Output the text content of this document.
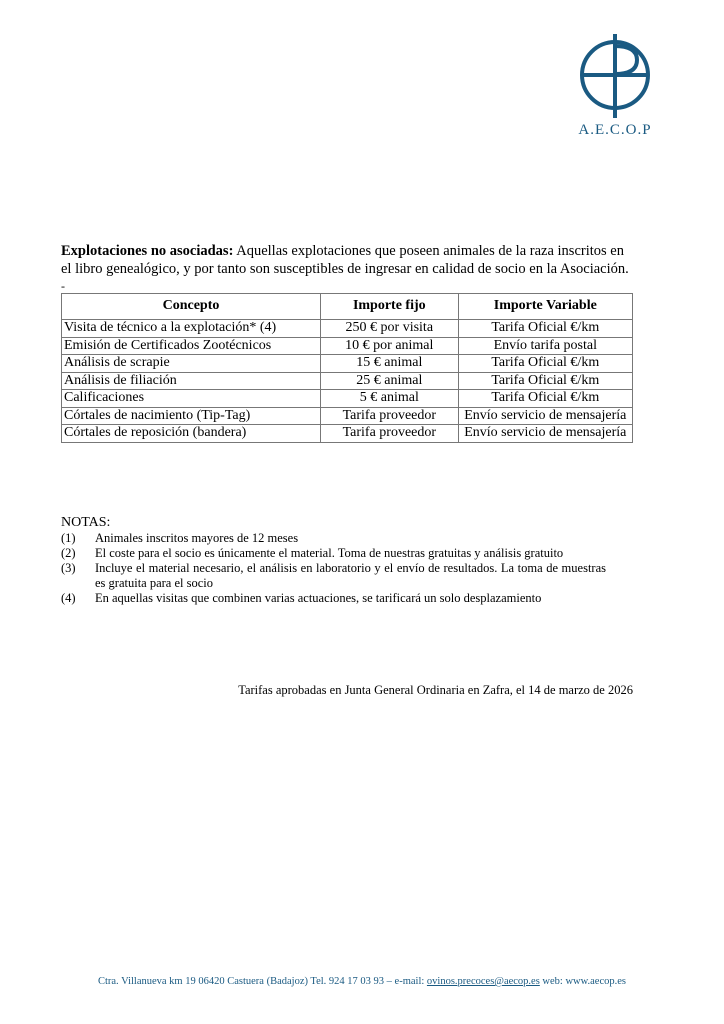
A.E.C.O.P
Explotaciones no asociadas: Aquellas explotaciones que poseen animales de la raza inscritos en el libro genealógico, y por tanto son susceptibles de ingresar en calidad de socio en la Asociación.
-
Concepto	Importe fijo	Importe Variable
Visita de técnico a la explotación* (4)	250 € por visita	Tarifa Oficial €/km
Emisión de Certificados Zootécnicos	10 € por animal	Envío tarifa postal
Análisis de scrapie	15 € animal	Tarifa Oficial €/km
Análisis de filiación	25 € animal	Tarifa Oficial €/km
Calificaciones	5 € animal	Tarifa Oficial €/km
Córtales de nacimiento (Tip-Tag)	Tarifa proveedor	Envío servicio de mensajería
Córtales de reposición (bandera)	Tarifa proveedor	Envío servicio de mensajería
NOTAS:
(1)	Animales inscritos mayores de 12 meses
(2)	El coste para el socio es únicamente el material. Toma de nuestras gratuitas y análisis gratuito
(3)	Incluye el material necesario, el análisis en laboratorio y el envío de resultados. La toma de muestras es gratuita para el socio
(4)	En aquellas visitas que combinen varias actuaciones, se tarificará un solo desplazamiento
Tarifas aprobadas en Junta General Ordinaria en Zafra, el 14 de marzo de 2026
Ctra. Villanueva km 19 06420 Castuera (Badajoz) Tel. 924 17 03 93 – e-mail: ovinos.precoces@aecop.es web: www.aecop.es
